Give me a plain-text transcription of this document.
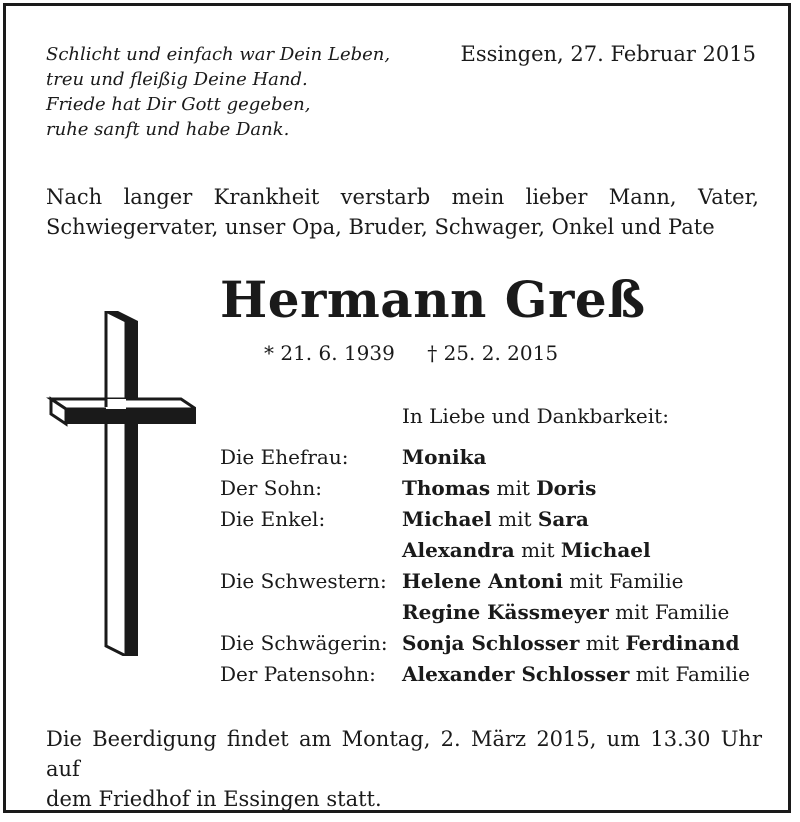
Schlicht und einfach war Dein Leben,
treu und fleißig Deine Hand.
Friede hat Dir Gott gegeben,
ruhe sanft und habe Dank.
Essingen, 27. Februar 2015
Nach langer Krankheit verstarb mein lieber Mann, Vater,
Schwiegervater, unser Opa, Bruder, Schwager, Onkel und Pate
Hermann Greß
* 21. 6. 1939 † 25. 2. 2015
In Liebe und Dankbarkeit:
Die Ehefrau:	Monika
Der Sohn:	Thomas mit Doris
Die Enkel:	Michael mit Sara
Alexandra mit Michael
Die Schwestern: Helene Antoni mit Familie
Regine Kässmeyer mit Familie
Die Schwägerin: Sonja Schlosser mit Ferdinand
Der Patensohn: Alexander Schlosser mit Familie
Die Beerdigung findet am Montag, 2. März 2015, um 13.30 Uhr auf
dem Friedhof in Essingen statt.
